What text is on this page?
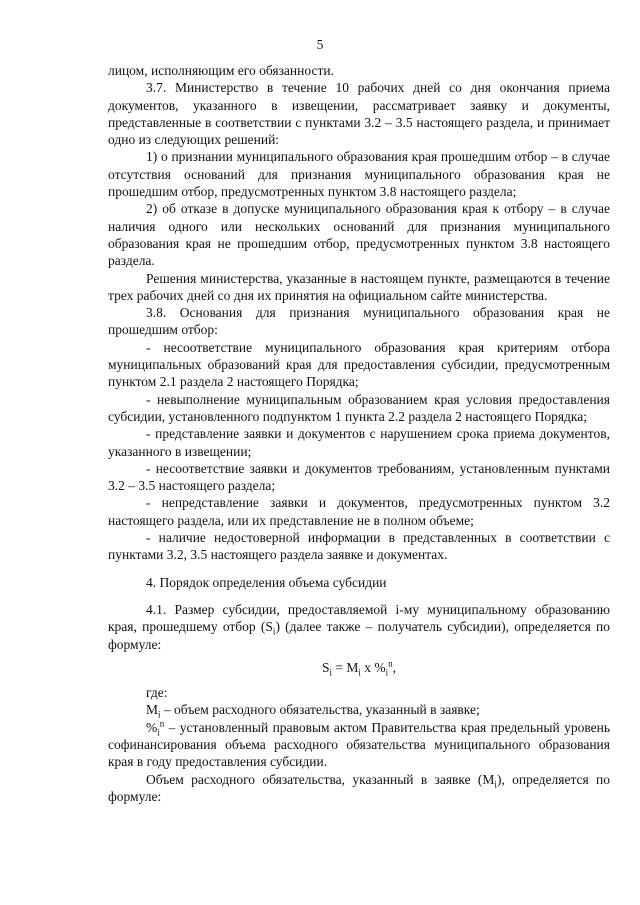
5

лицом, исполняющим его обязанности.

3.7. Министерство в течение 10 рабочих дней со дня окончания приема документов, указанного в извещении, рассматривает заявку и документы, представленные в соответствии с пунктами 3.2 – 3.5 настоящего раздела, и принимает одно из следующих решений:

1) о признании муниципального образования края прошедшим отбор – в случае отсутствия оснований для признания муниципального образования края не прошедшим отбор, предусмотренных пунктом 3.8 настоящего раздела;

2) об отказе в допуске муниципального образования края к отбору – в случае наличия одного или нескольких оснований для признания муниципального образования края не прошедшим отбор, предусмотренных пунктом 3.8 настоящего раздела.

Решения министерства, указанные в настоящем пункте, размещаются в течение трех рабочих дней со дня их принятия на официальном сайте министерства.

3.8. Основания для признания муниципального образования края не прошедшим отбор:

- несоответствие муниципального образования края критериям отбора муниципальных образований края для предоставления субсидии, предусмотренным пунктом 2.1 раздела 2 настоящего Порядка;

- невыполнение муниципальным образованием края условия предоставления субсидии, установленного подпунктом 1 пункта 2.2 раздела 2 настоящего Порядка;

- представление заявки и документов с нарушением срока приема документов, указанного в извещении;

- несоответствие заявки и документов требованиям, установленным пунктами 3.2 – 3.5 настоящего раздела;

- непредставление заявки и документов, предусмотренных пунктом 3.2 настоящего раздела, или их представление не в полном объеме;

- наличие недостоверной информации в представленных в соответствии с пунктами 3.2, 3.5 настоящего раздела заявке и документах.

4. Порядок определения объема субсидии

4.1. Размер субсидии, предоставляемой i-му муниципальному образованию края, прошедшему отбор $(S_i)$ (далее также – получатель субсидии), определяется по формуле:

$S_i = M_i$ x $\%_i^n$,

где:

$M_i$ – объем расходного обязательства, указанный в заявке;

$\%_i^n$ – установленный правовым актом Правительства края предельный уровень софинансирования объема расходного обязательства муниципального образования края в году предоставления субсидии.

Объем расходного обязательства, указанный в заявке $(M_i)$, определяется по формуле:
